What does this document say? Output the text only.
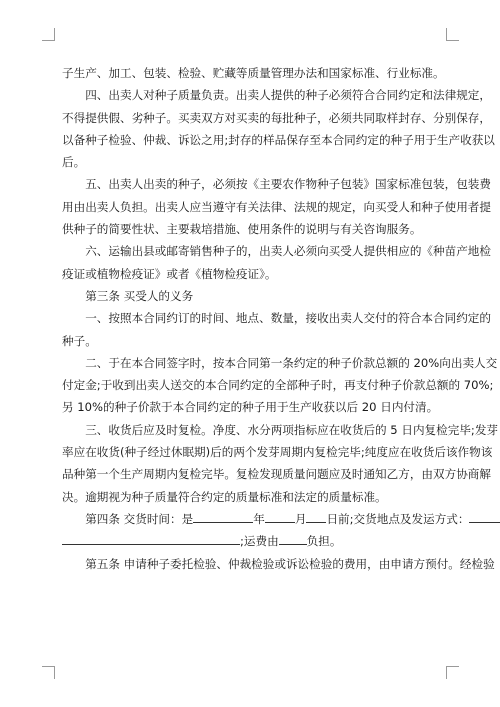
子生产、加工、包装、检验、贮藏等质量管理办法和国家标准、行业标准。
　　四、出卖人对种子质量负责。出卖人提供的种子必须符合合同约定和法律规定，
不得提供假、劣种子。买卖双方对买卖的每批种子，必须共同取样封存、分别保存，
以备种子检验、仲裁、诉讼之用;封存的样品保存至本合同约定的种子用于生产收获以
后。
　　五、出卖人出卖的种子，必须按《主要农作物种子包装》国家标准包装，包装费
用由出卖人负担。出卖人应当遵守有关法律、法规的规定，向买受人和种子使用者提
供种子的简要性状、主要栽培措施、使用条件的说明与有关咨询服务。
　　六、运输出县或邮寄销售种子的，出卖人必须向买受人提供相应的《种苗产地检
疫证或植物检疫证》或者《植物检疫证》。
　　第三条 买受人的义务
　　一、按照本合同约订的时间、地点、数量，接收出卖人交付的符合本合同约定的
种子。
　　二、于在本合同签字时，按本合同第一条约定的种子价款总额的 20%向出卖人交
付定金;于收到出卖人送交的本合同约定的全部种子时，再支付种子价款总额的 70%;
另 10%的种子价款于本合同约定的种子用于生产收获以后 20 日内付清。
　　三、收货后应及时复检。净度、水分两项指标应在收货后的 5 日内复检完毕;发芽
率应在收货(种子经过休眠期)后的两个发芽周期内复检完毕;纯度应在收货后该作物该
品种第一个生产周期内复检完毕。复检发现质量问题应及时通知乙方，由双方协商解
决。逾期视为种子质量符合约定的质量标准和法定的质量标准。
　　第四条 交货时间：是	年	月 日前;交货地点及发运方式：
;运费由 负担。
　　第五条 申请种子委托检验、仲裁检验或诉讼检验的费用，由申请方预付。经检验
